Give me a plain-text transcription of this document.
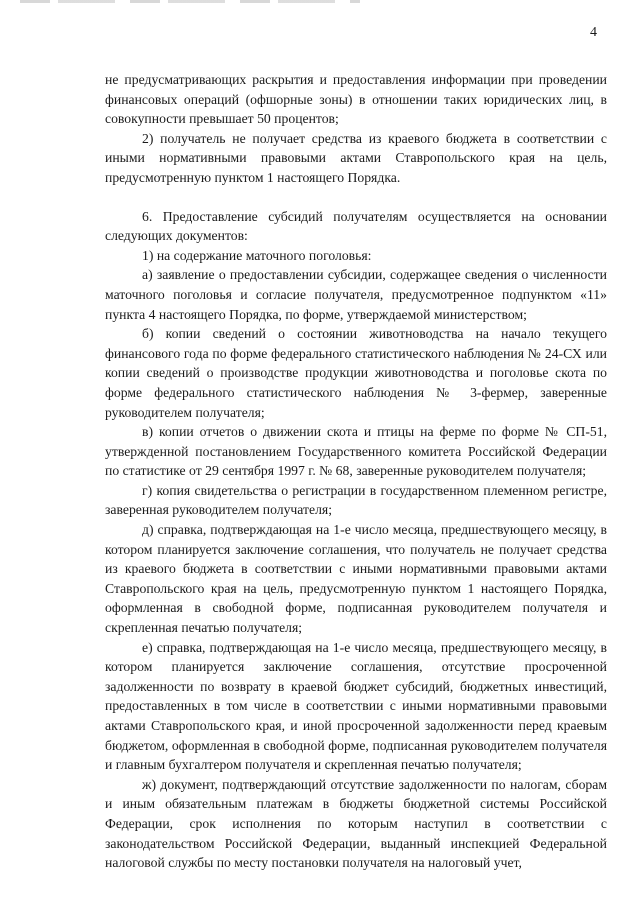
4

не предусматривающих раскрытия и предоставления информации при проведении финансовых операций (офшорные зоны) в отношении таких юридических лиц, в совокупности превышает 50 процентов;

2) получатель не получает средства из краевого бюджета в соответствии с иными нормативными правовыми актами Ставропольского края на цель, предусмотренную пунктом 1 настоящего Порядка.

6. Предоставление субсидий получателям осуществляется на основании следующих документов:

1) на содержание маточного поголовья:

а) заявление о предоставлении субсидии, содержащее сведения о численности маточного поголовья и согласие получателя, предусмотренное подпунктом «11» пункта 4 настоящего Порядка, по форме, утверждаемой министерством;

б) копии сведений о состоянии животноводства на начало текущего финансового года по форме федерального статистического наблюдения № 24-СХ или копии сведений о производстве продукции животноводства и поголовье скота по форме федерального статистического наблюдения № 3-фермер, заверенные руководителем получателя;

в) копии отчетов о движении скота и птицы на ферме по форме № СП-51, утвержденной постановлением Государственного комитета Российской Федерации по статистике от 29 сентября 1997 г. № 68, заверенные руководителем получателя;

г) копия свидетельства о регистрации в государственном племенном регистре, заверенная руководителем получателя;

д) справка, подтверждающая на 1-е число месяца, предшествующего месяцу, в котором планируется заключение соглашения, что получатель не получает средства из краевого бюджета в соответствии с иными нормативными правовыми актами Ставропольского края на цель, предусмотренную пунктом 1 настоящего Порядка, оформленная в свободной форме, подписанная руководителем получателя и скрепленная печатью получателя;

е) справка, подтверждающая на 1-е число месяца, предшествующего месяцу, в котором планируется заключение соглашения, отсутствие просроченной задолженности по возврату в краевой бюджет субсидий, бюджетных инвестиций, предоставленных в том числе в соответствии с иными нормативными правовыми актами Ставропольского края, и иной просроченной задолженности перед краевым бюджетом, оформленная в свободной форме, подписанная руководителем получателя и главным бухгалтером получателя и скрепленная печатью получателя;

ж) документ, подтверждающий отсутствие задолженности по налогам, сборам и иным обязательным платежам в бюджеты бюджетной системы Российской Федерации, срок исполнения по которым наступил в соответствии с законодательством Российской Федерации, выданный инспекцией Федеральной налоговой службы по месту постановки получателя на налоговый учет,
